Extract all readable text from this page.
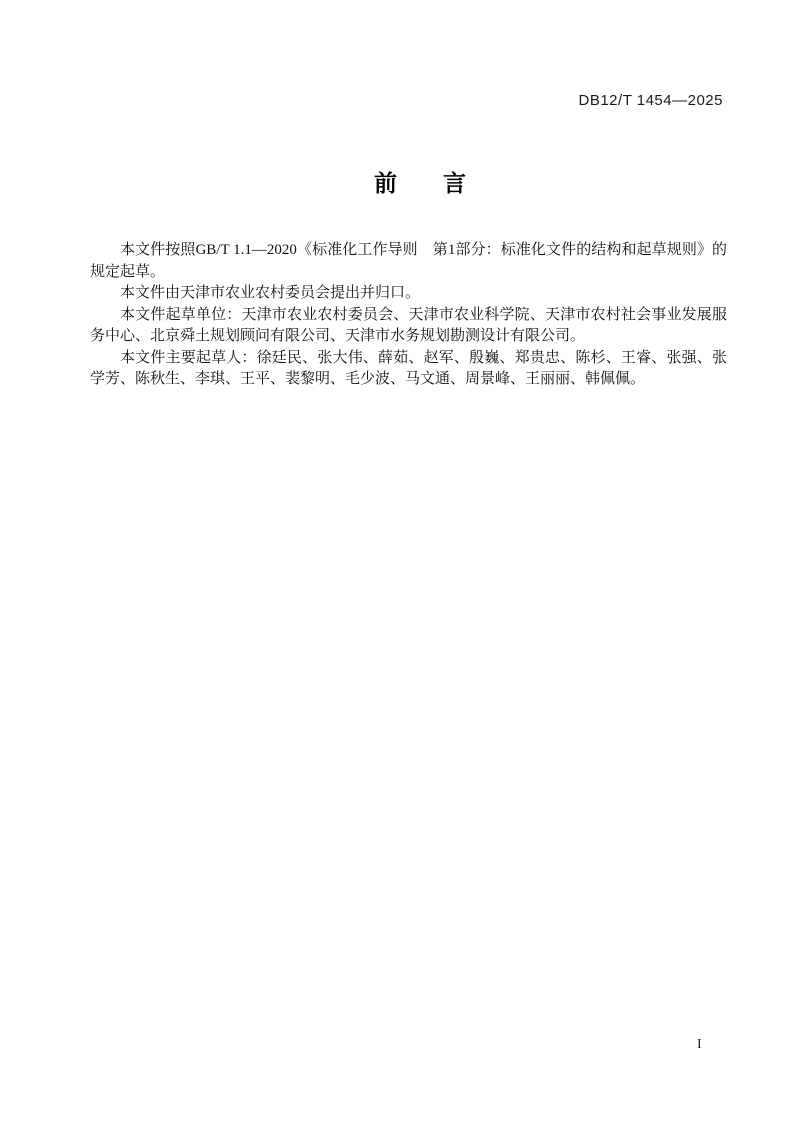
DB12/T 1454—2025
前　　言

本文件按照GB/T 1.1—2020《标准化工作导则　第1部分：标准化文件的结构和起草规则》的规定起草。

本文件由天津市农业农村委员会提出并归口。

本文件起草单位：天津市农业农村委员会、天津市农业科学院、天津市农村社会事业发展服务中心、北京舜土规划顾问有限公司、天津市水务规划勘测设计有限公司。

本文件主要起草人：徐廷民、张大伟、薛茹、赵军、殷巍、郑贵忠、陈杉、王睿、张强、张学芳、陈秋生、李琪、王平、裴黎明、毛少波、马文通、周景峰、王丽丽、韩佩佩。

I
